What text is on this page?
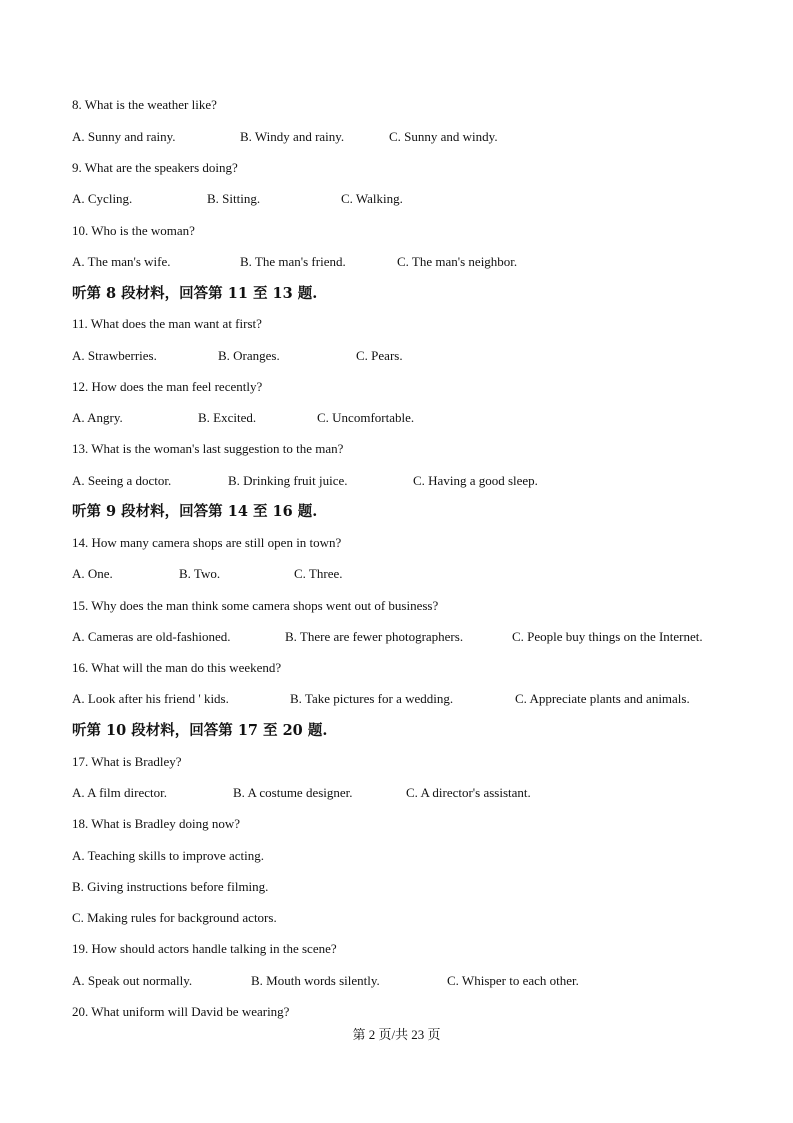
8. What is the weather like?
A. Sunny and rainy.	B. Windy and rainy.	C. Sunny and windy.
9. What are the speakers doing?
A. Cycling.	B. Sitting.	C. Walking.
10. Who is the woman?
A. The man's wife.	B. The man's friend.	C. The man's neighbor.
听第 8 段材料，回答第 11 至 13 题.
11. What does the man want at first?
A. Strawberries.	B. Oranges.	C. Pears.
12. How does the man feel recently?
A. Angry.	B. Excited.	C. Uncomfortable.
13. What is the woman's last suggestion to the man?
A. Seeing a doctor.	B. Drinking fruit juice.	C. Having a good sleep.
听第 9 段材料，回答第 14 至 16 题.
14. How many camera shops are still open in town?
A. One.	B. Two.	C. Three.
15. Why does the man think some camera shops went out of business?
A. Cameras are old-fashioned.	B. There are fewer photographers.	C. People buy things on the Internet.
16. What will the man do this weekend?
A. Look after his friend ' kids.	B. Take pictures for a wedding.	C. Appreciate plants and animals.
听第 10 段材料，回答第 17 至 20 题.
17. What is Bradley?
A. A film director.	B. A costume designer.	C. A director's assistant.
18. What is Bradley doing now?
A. Teaching skills to improve acting.
B. Giving instructions before filming.
C. Making rules for background actors.
19. How should actors handle talking in the scene?
A. Speak out normally.	B. Mouth words silently.	C. Whisper to each other.
20. What uniform will David be wearing?
第 2 页/共 23 页
